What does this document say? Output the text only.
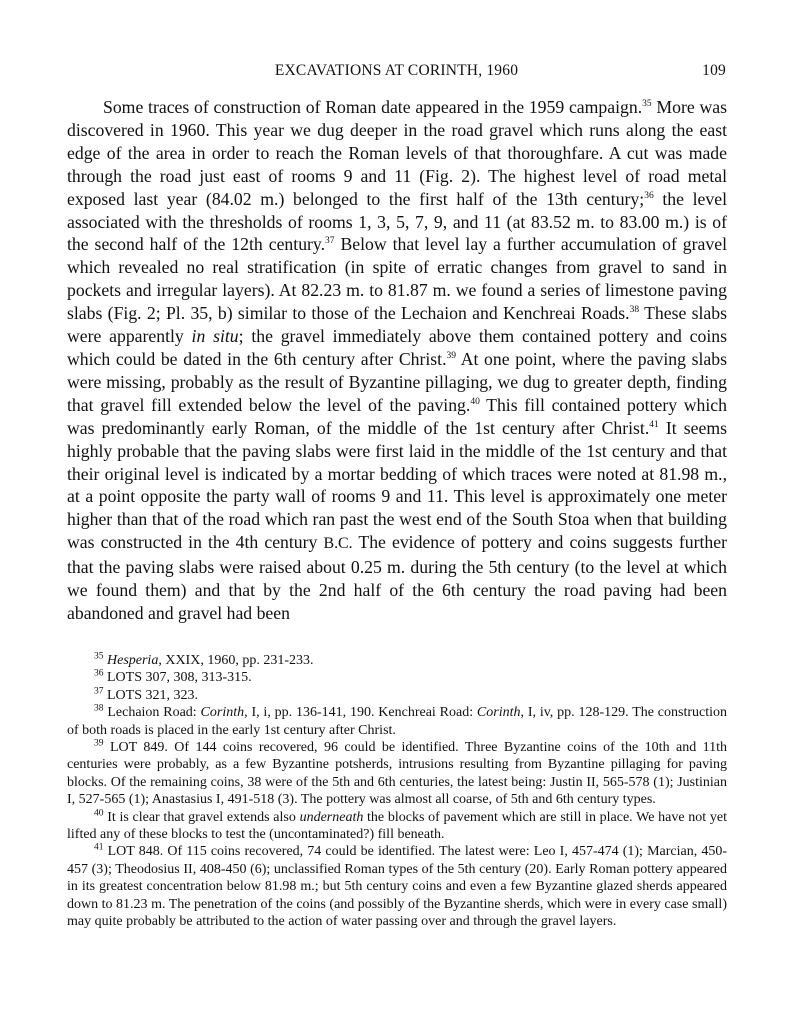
EXCAVATIONS AT CORINTH, 1960	109

Some traces of construction of Roman date appeared in the 1959 campaign.$^{35}$ More was discovered in 1960. This year we dug deeper in the road gravel which runs along the east edge of the area in order to reach the Roman levels of that thoroughfare. A cut was made through the road just east of rooms 9 and 11 (Fig. 2). The highest level of road metal exposed last year (84.02 m.) belonged to the first half of the 13th century;$^{36}$ the level associated with the thresholds of rooms 1, 3, 5, 7, 9, and 11 (at 83.52 m. to 83.00 m.) is of the second half of the 12th century.$^{37}$ Below that level lay a further accumulation of gravel which revealed no real stratification (in spite of erratic changes from gravel to sand in pockets and irregular layers). At 82.23 m. to 81.87 m. we found a series of limestone paving slabs (Fig. 2; Pl. 35, b) similar to those of the Lechaion and Kenchreai Roads.$^{38}$ These slabs were apparently in situ; the gravel immediately above them contained pottery and coins which could be dated in the 6th century after Christ.$^{39}$ At one point, where the paving slabs were missing, probably as the result of Byzantine pillaging, we dug to greater depth, finding that gravel fill extended below the level of the paving.$^{40}$ This fill contained pottery which was predominantly early Roman, of the middle of the 1st century after Christ.$^{41}$ It seems highly probable that the paving slabs were first laid in the middle of the 1st century and that their original level is indicated by a mortar bedding of which traces were noted at 81.98 m., at a point opposite the party wall of rooms 9 and 11. This level is approximately one meter higher than that of the road which ran past the west end of the South Stoa when that building was constructed in the 4th century B.C. The evidence of pottery and coins suggests further that the paving slabs were raised about 0.25 m. during the 5th century (to the level at which we found them) and that by the 2nd half of the 6th century the road paving had been abandoned and gravel had been

$^{35}$ Hesperia, XXIX, 1960, pp. 231-233.

$^{36}$ LOTS 307, 308, 313-315.

$^{37}$ LOTS 321, 323.

$^{38}$ Lechaion Road: Corinth, I, i, pp. 136-141, 190. Kenchreai Road: Corinth, I, iv, pp. 128-129. The construction of both roads is placed in the early 1st century after Christ.

$^{39}$ LOT 849. Of 144 coins recovered, 96 could be identified. Three Byzantine coins of the 10th and 11th centuries were probably, as a few Byzantine potsherds, intrusions resulting from Byzantine pillaging for paving blocks. Of the remaining coins, 38 were of the 5th and 6th centuries, the latest being: Justin II, 565-578 (1); Justinian I, 527-565 (1); Anastasius I, 491-518 (3). The pottery was almost all coarse, of 5th and 6th century types.

$^{40}$ It is clear that gravel extends also underneath the blocks of pavement which are still in place. We have not yet lifted any of these blocks to test the (uncontaminated?) fill beneath.

$^{41}$ LOT 848. Of 115 coins recovered, 74 could be identified. The latest were: Leo I, 457-474 (1); Marcian, 450-457 (3); Theodosius II, 408-450 (6); unclassified Roman types of the 5th century (20). Early Roman pottery appeared in its greatest concentration below 81.98 m.; but 5th century coins and even a few Byzantine glazed sherds appeared down to 81.23 m. The penetration of the coins (and possibly of the Byzantine sherds, which were in every case small) may quite probably be attributed to the action of water passing over and through the gravel layers.
